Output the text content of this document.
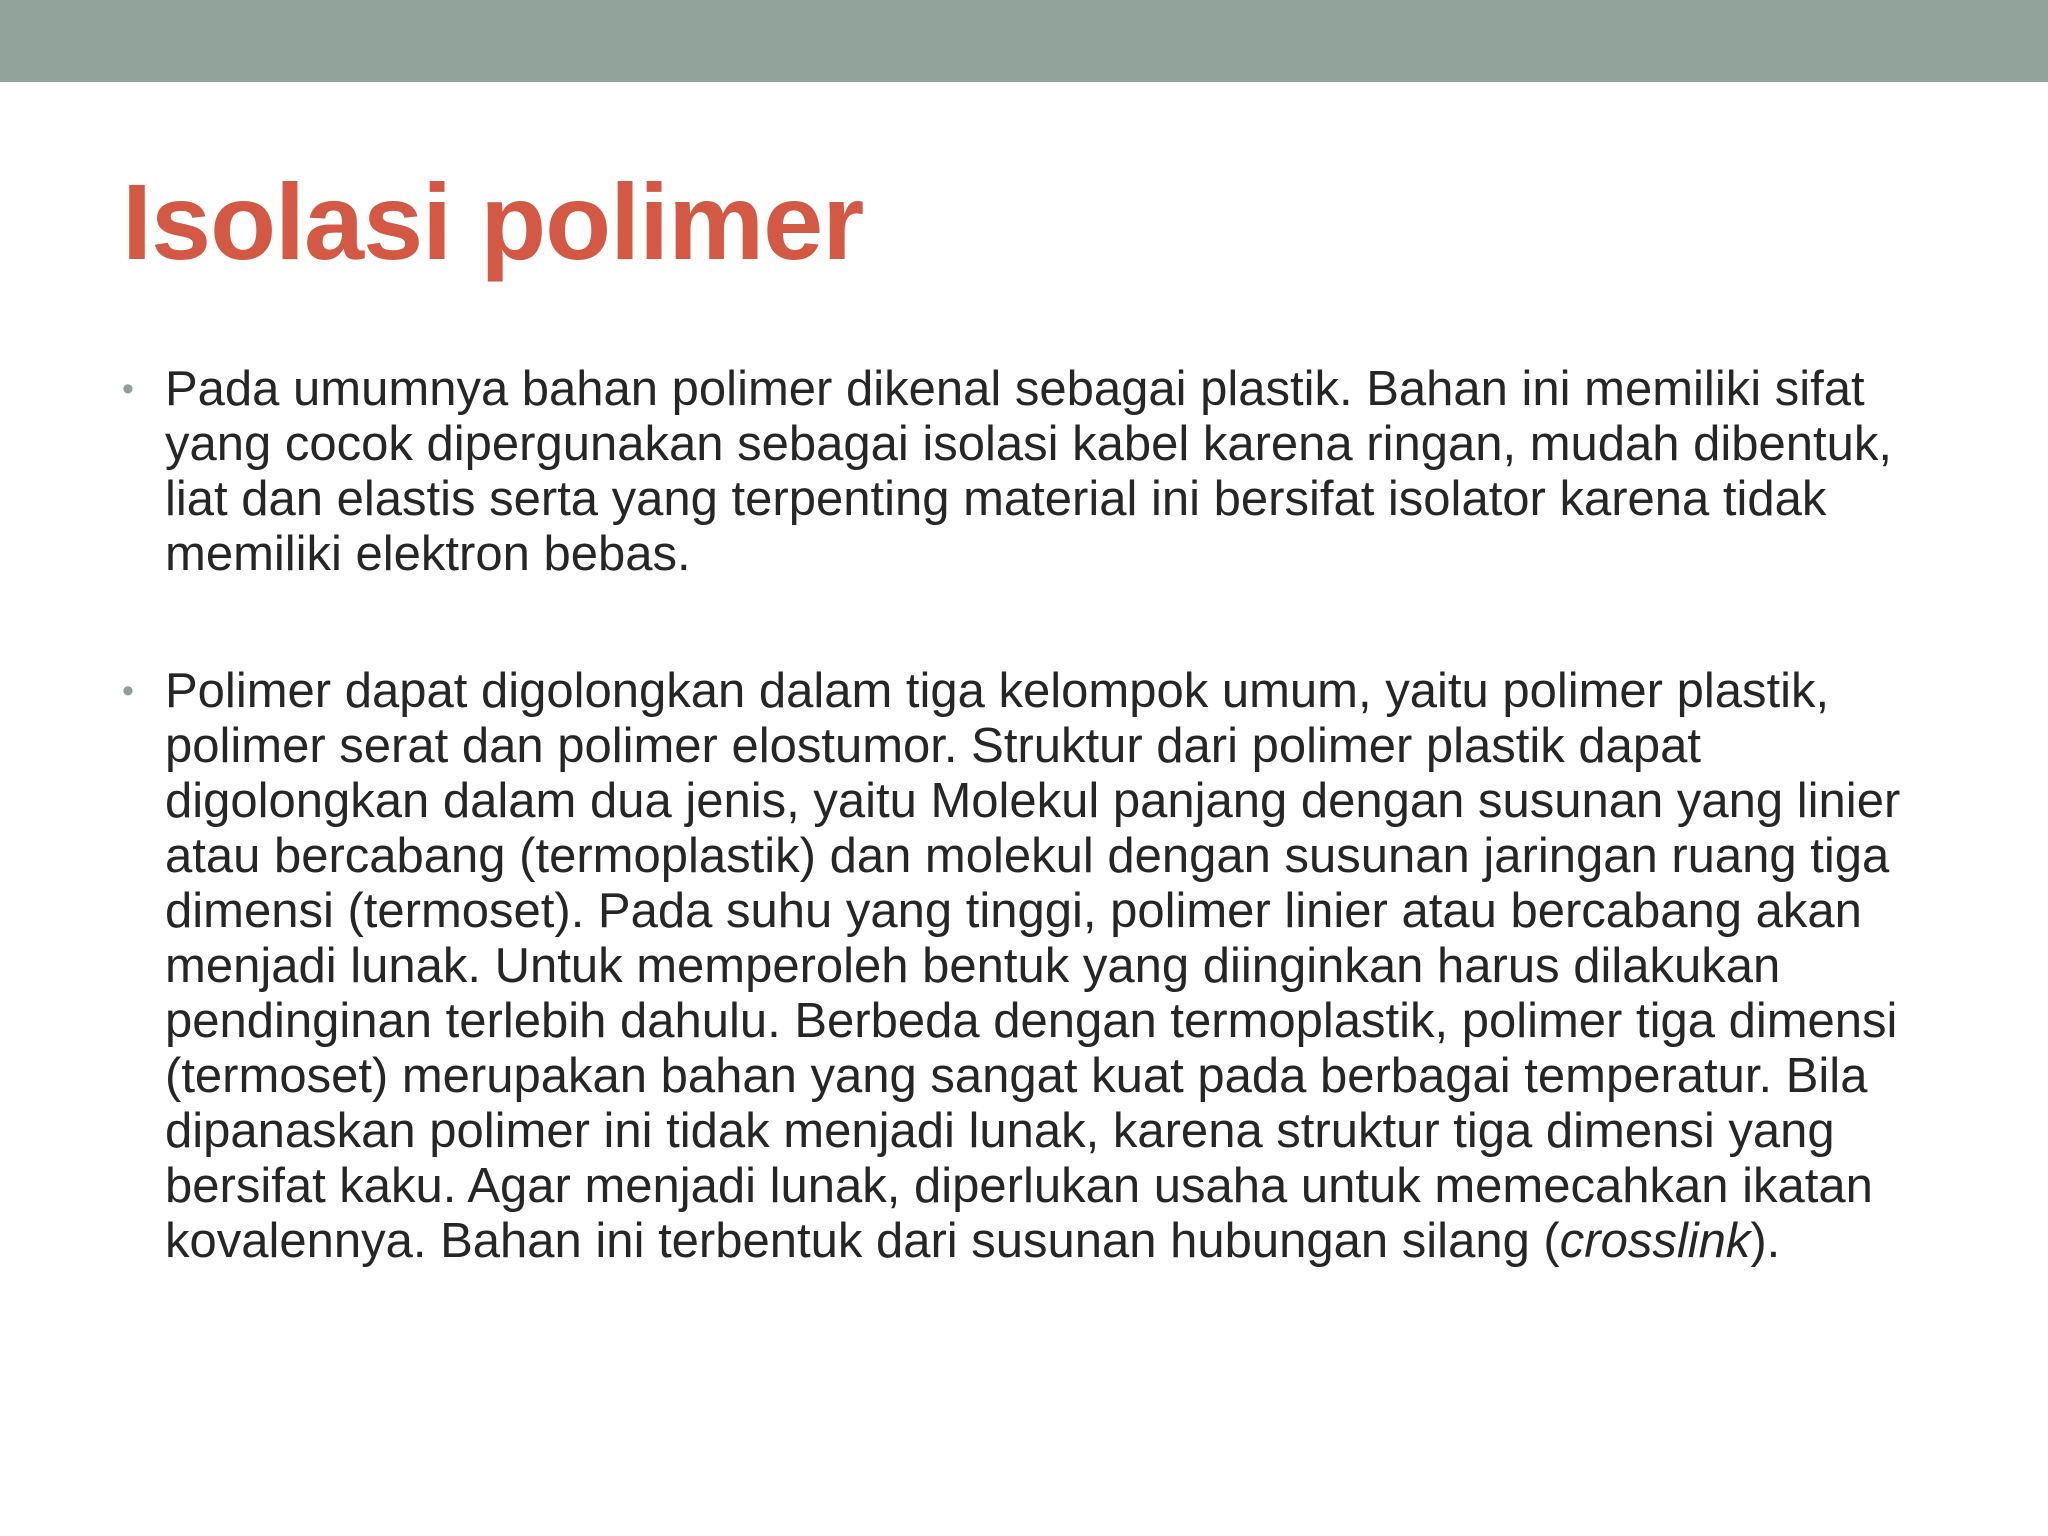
Isolasi polimer
• Pada umumnya bahan polimer dikenal sebagai plastik. Bahan ini memiliki sifat yang cocok dipergunakan sebagai isolasi kabel karena ringan, mudah dibentuk, liat dan elastis serta yang terpenting material ini bersifat isolator karena tidak memiliki elektron bebas.
• Polimer dapat digolongkan dalam tiga kelompok umum, yaitu polimer plastik, polimer serat dan polimer elostumor. Struktur dari polimer plastik dapat digolongkan dalam dua jenis, yaitu Molekul panjang dengan susunan yang linier atau bercabang (termoplastik) dan molekul dengan susunan jaringan ruang tiga dimensi (termoset). Pada suhu yang tinggi, polimer linier atau bercabang akan menjadi lunak. Untuk memperoleh bentuk yang diinginkan harus dilakukan pendinginan terlebih dahulu. Berbeda dengan termoplastik, polimer tiga dimensi (termoset) merupakan bahan yang sangat kuat pada berbagai temperatur. Bila dipanaskan polimer ini tidak menjadi lunak, karena struktur tiga dimensi yang bersifat kaku. Agar menjadi lunak, diperlukan usaha untuk memecahkan ikatan kovalennya. Bahan ini terbentuk dari susunan hubungan silang (crosslink).
